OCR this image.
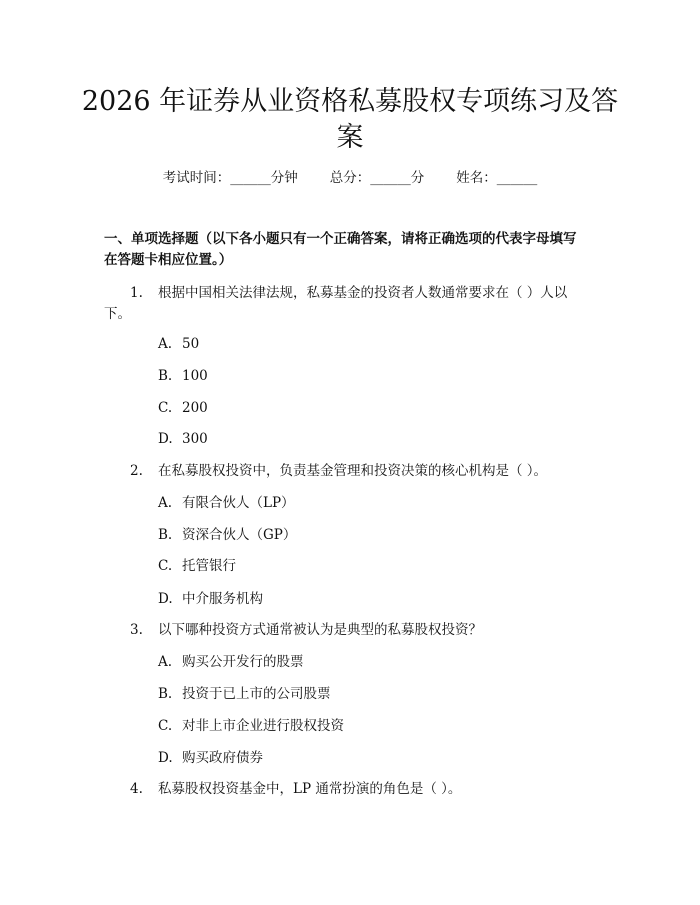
2026 年证券从业资格私募股权专项练习及答
案
考试时间：______分钟 总分：______分 姓名：______
一、单项选择题（以下各小题只有一个正确答案，请将正确选项的代表字母填写
在答题卡相应位置。）
1. 根据中国相关法律法规，私募基金的投资者人数通常要求在（ ）人以
下。
A. 50
B. 100
C. 200
D. 300
2. 在私募股权投资中，负责基金管理和投资决策的核心机构是（ ）。
A. 有限合伙人（LP）
B. 资深合伙人（GP）
C. 托管银行
D. 中介服务机构
3. 以下哪种投资方式通常被认为是典型的私募股权投资？
A. 购买公开发行的股票
B. 投资于已上市的公司股票
C. 对非上市企业进行股权投资
D. 购买政府债券
4. 私募股权投资基金中，LP 通常扮演的角色是（ ）。
